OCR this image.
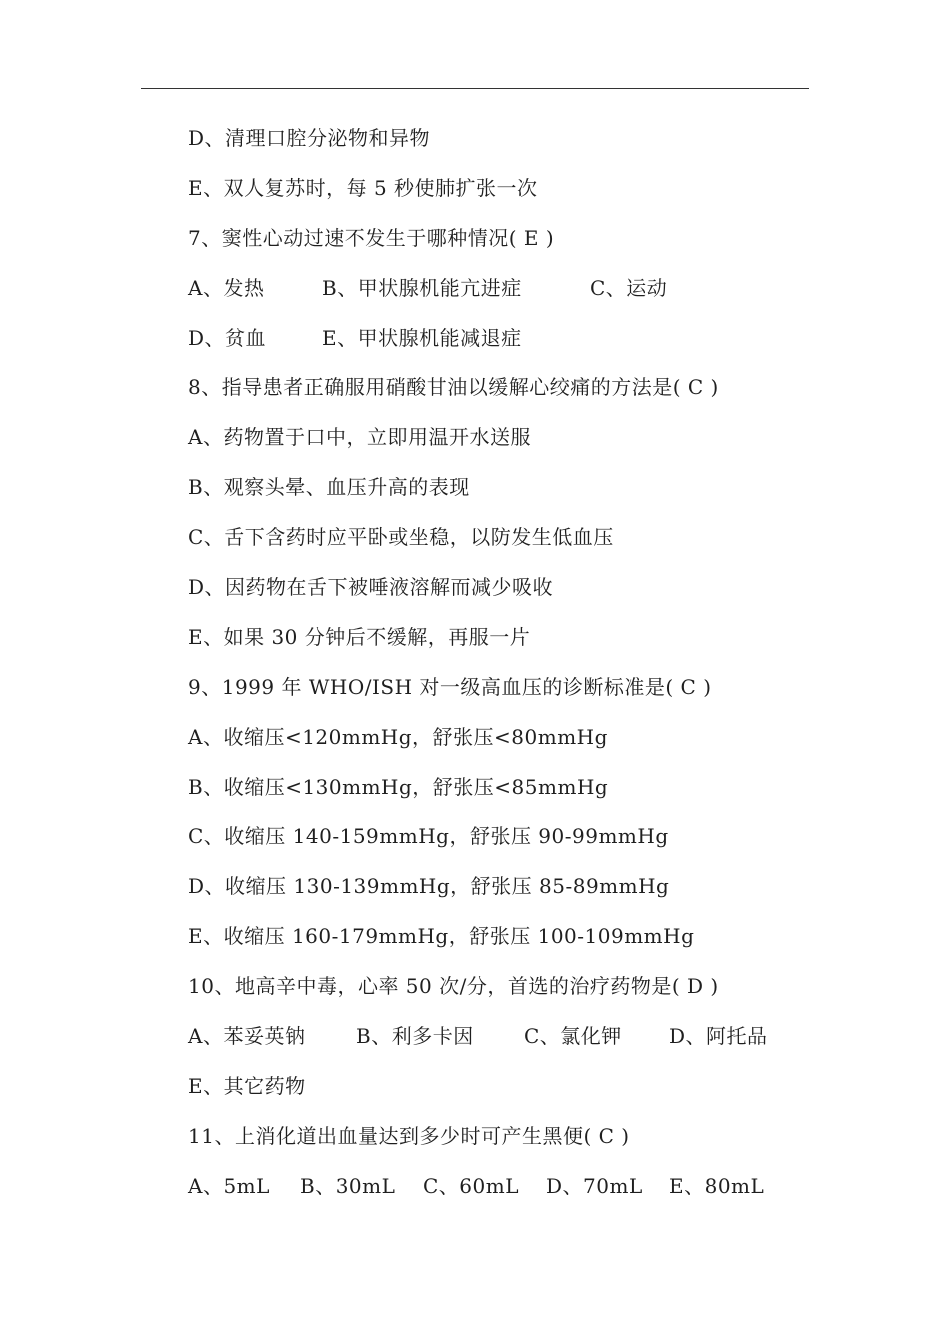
D、清理口腔分泌物和异物
E、双人复苏时，每 5 秒使肺扩张一次
7、窦性心动过速不发生于哪种情况( E )
A、发热	B、甲状腺机能亢进症	C、运动
D、贫血	E、甲状腺机能减退症
8、指导患者正确服用硝酸甘油以缓解心绞痛的方法是( C )
A、药物置于口中，立即用温开水送服
B、观察头晕、血压升高的表现
C、舌下含药时应平卧或坐稳，以防发生低血压
D、因药物在舌下被唾液溶解而减少吸收
E、如果 30 分钟后不缓解，再服一片
9、1999 年 WHO/ISH 对一级高血压的诊断标准是( C )
A、收缩压<120mmHg，舒张压<80mmHg
B、收缩压<130mmHg，舒张压<85mmHg
C、收缩压 140-159mmHg，舒张压 90-99mmHg
D、收缩压 130-139mmHg，舒张压 85-89mmHg
E、收缩压 160-179mmHg，舒张压 100-109mmHg
10、地高辛中毒，心率 50 次/分，首选的治疗药物是( D )
A、苯妥英钠	B、利多卡因	C、氯化钾 D、阿托品
E、其它药物
11、上消化道出血量达到多少时可产生黑便( C )
A、5mL B、30mL C、60mL D、70mL E、80mL
